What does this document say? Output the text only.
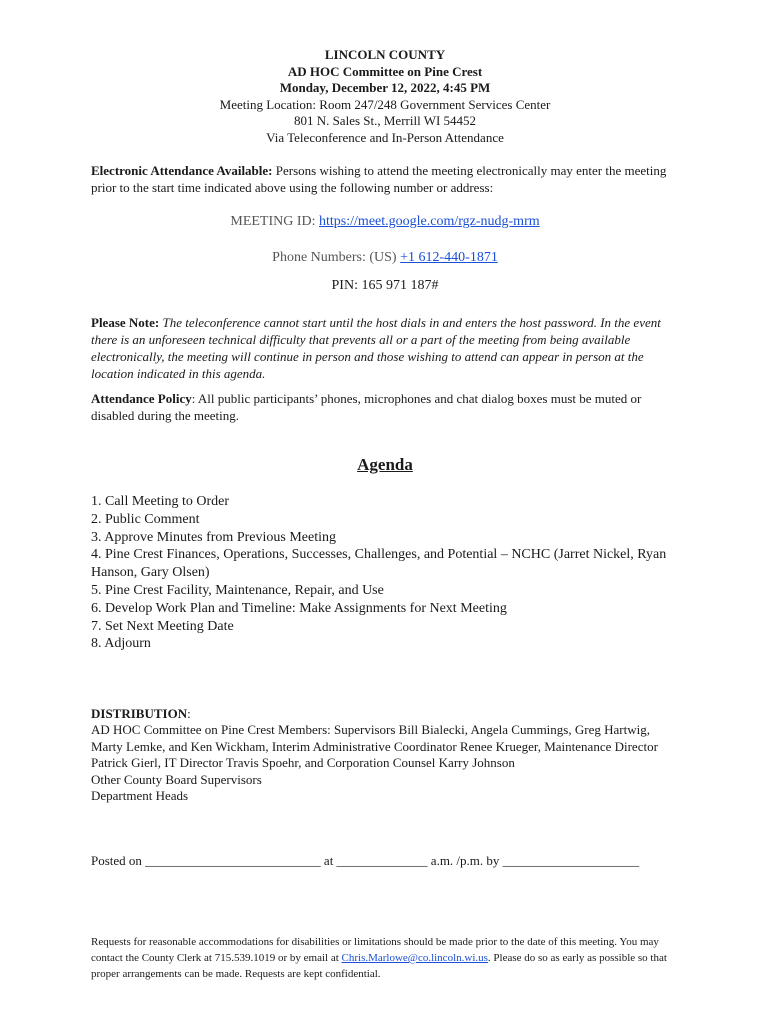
LINCOLN COUNTY
AD HOC Committee on Pine Crest
Monday, December 12, 2022, 4:45 PM
Meeting Location: Room 247/248 Government Services Center
801 N. Sales St., Merrill WI 54452
Via Teleconference and In-Person Attendance
Electronic Attendance Available: Persons wishing to attend the meeting electronically may enter the meeting prior to the start time indicated above using the following number or address:
MEETING ID: https://meet.google.com/rgz-nudg-mrm
Phone Numbers: (US) +1 612-440-1871
PIN: 165 971 187#
Please Note: The teleconference cannot start until the host dials in and enters the host password. In the event there is an unforeseen technical difficulty that prevents all or a part of the meeting from being available electronically, the meeting will continue in person and those wishing to attend can appear in person at the location indicated in this agenda.
Attendance Policy: All public participants’ phones, microphones and chat dialog boxes must be muted or disabled during the meeting.
Agenda
1. Call Meeting to Order
2. Public Comment
3. Approve Minutes from Previous Meeting
4. Pine Crest Finances, Operations, Successes, Challenges, and Potential – NCHC (Jarret Nickel, Ryan Hanson, Gary Olsen)
5. Pine Crest Facility, Maintenance, Repair, and Use
6. Develop Work Plan and Timeline: Make Assignments for Next Meeting
7. Set Next Meeting Date
8. Adjourn
DISTRIBUTION:
AD HOC Committee on Pine Crest Members: Supervisors Bill Bialecki, Angela Cummings, Greg Hartwig, Marty Lemke, and Ken Wickham, Interim Administrative Coordinator Renee Krueger, Maintenance Director Patrick Gierl, IT Director Travis Spoehr, and Corporation Counsel Karry Johnson
Other County Board Supervisors
Department Heads
Posted on ___________________________ at ______________ a.m. /p.m. by _____________________
Requests for reasonable accommodations for disabilities or limitations should be made prior to the date of this meeting. You may contact the County Clerk at 715.539.1019 or by email at Chris.Marlowe@co.lincoln.wi.us. Please do so as early as possible so that proper arrangements can be made. Requests are kept confidential.
